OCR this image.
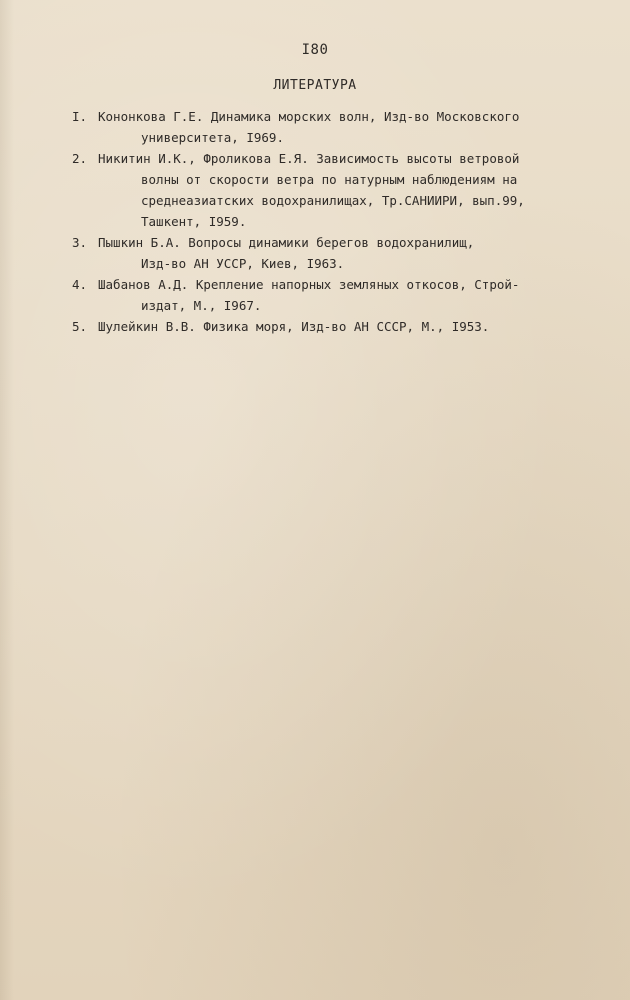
I80
ЛИТЕРАТУРА
I. Кононкова Г.Е. Динамика морских волн, Изд-во Московского
университета, I969.
2. Никитин И.К., Фроликова Е.Я. Зависимость высоты ветровой
волны от скорости ветра по натурным наблюдениям на
среднеазиатских водохранилищах, Тр.САНИИРИ, вып.99,
Ташкент, I959.
3. Пышкин Б.А. Вопросы динамики берегов водохранилищ,
Изд-во АН УССР, Киев, I963.
4. Шабанов А.Д. Крепление напорных земляных откосов, Строй-
издат, М., I967.
5. Шулейкин В.В. Физика моря, Изд-во АН СССР, М., I953.
